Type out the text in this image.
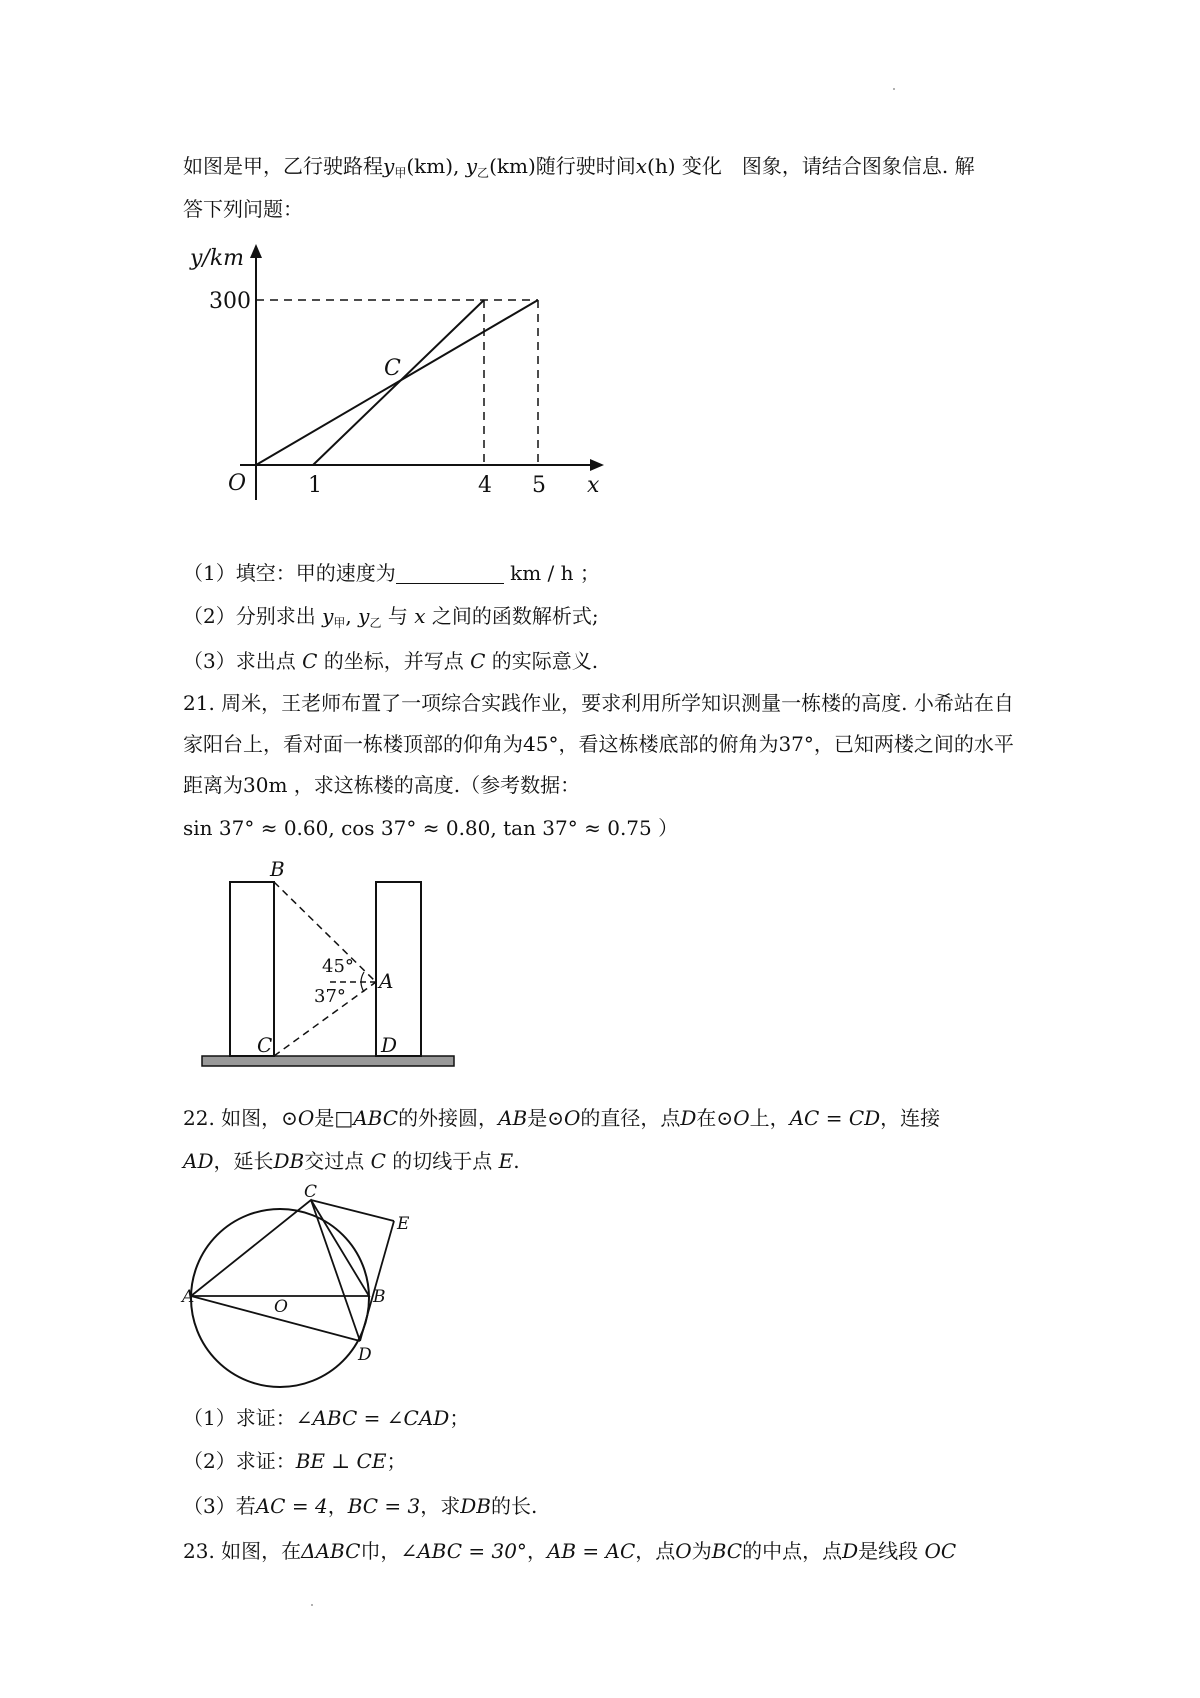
如图是甲，乙行驶路程$y_甲(km)$, $y_乙(km)$随行驶时间x(h) 变化　图象，请结合图象信息. 解
答下列问题：
y/km
300
C
O	1	4 5 x
（1）填空：甲的速度为	km / h ；
（2）分别求出 $y_甲$, $y_乙$ 与 x 之间的函数解析式;
（3）求出点 C 的坐标，并写点 C 的实际意义.
21. 周米，王老师布置了一项综合实践作业，要求利用所学知识测量一栋楼的高度. 小希站在自家阳台上，看对面一栋楼顶部的仰角为45°，看这栋楼底部的俯角为37°，已知两楼之间的水平距离为30m ，求这栋楼的高度.（参考数据：
sin 37° ≈ 0.60, cos 37° ≈ 0.80, tan 37° ≈ 0.75 ）
B
A
C	D
45°
37°
22. 如图，⊙O是□ABC的外接圆，AB是⊙O的直径，点D在⊙O上，AC = CD，连接
AD，延长DB交过点 C 的切线于点 E.
A	B
C
D
E
O
（1）求证：∠ABC = ∠CAD；
（2）求证：BE ⊥ CE；
（3）若AC = 4，BC = 3，求DB的长.
23. 如图，在ΔABC巾，∠ABC = 30°，AB = AC，点O为BC的中点，点D是线段 OC
